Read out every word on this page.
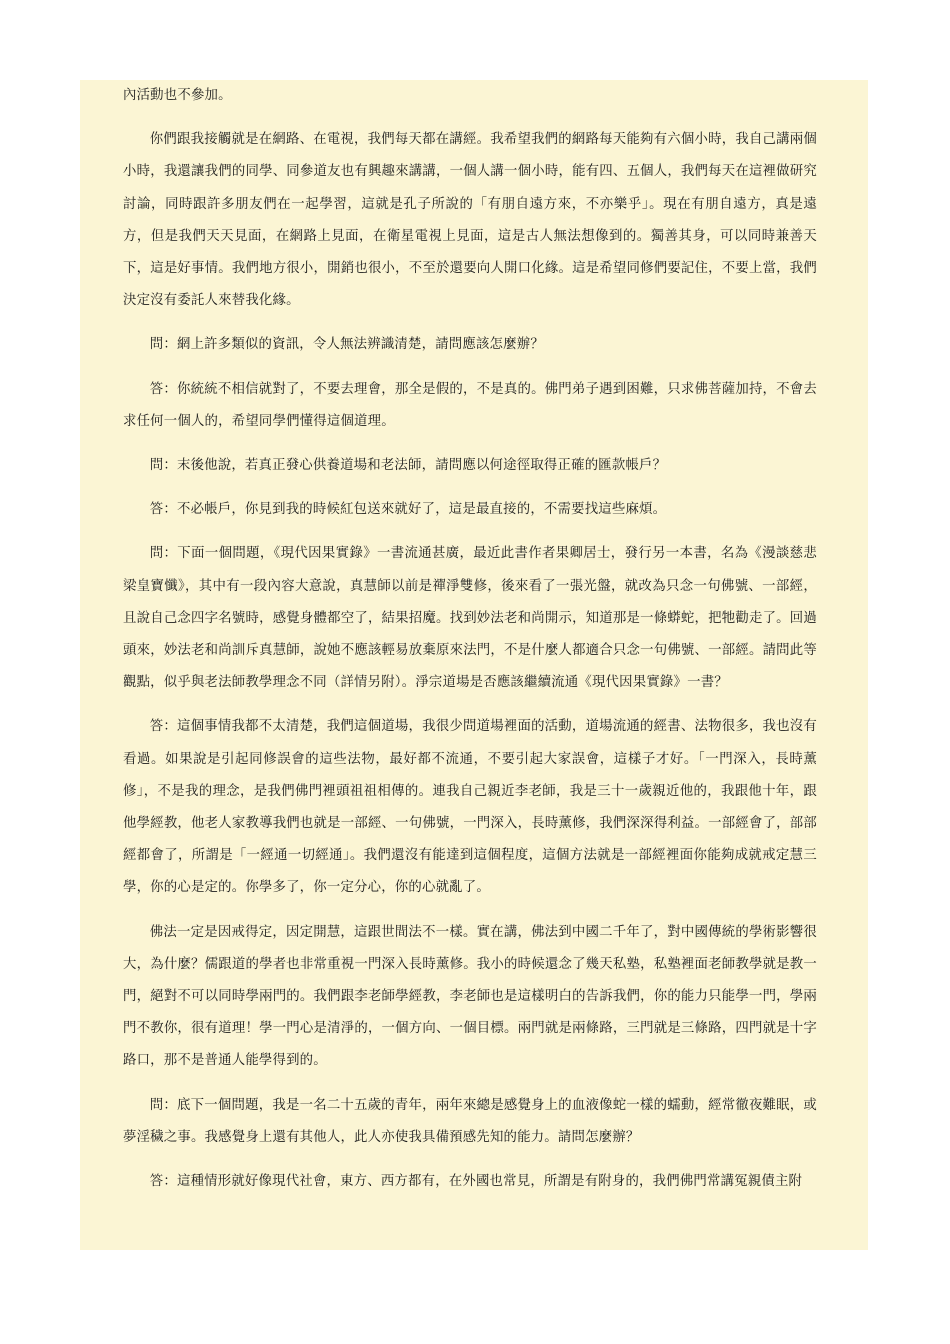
內活動也不參加。

你們跟我接觸就是在網路、在電視，我們每天都在講經。我希望我們的網路每天能夠有六個小時，我自己講兩個小時，我還讓我們的同學、同參道友也有興趣來講講，一個人講一個小時，能有四、五個人，我們每天在這裡做研究討論，同時跟許多朋友們在一起學習，這就是孔子所說的「有朋自遠方來，不亦樂乎」。現在有朋自遠方，真是遠方，但是我們天天見面，在網路上見面，在衛星電視上見面，這是古人無法想像到的。獨善其身，可以同時兼善天下，這是好事情。我們地方很小，開銷也很小，不至於還要向人開口化緣。這是希望同修們要記住，不要上當，我們決定沒有委託人來替我化緣。

問：網上許多類似的資訊，令人無法辨識清楚，請問應該怎麼辦？

答：你統統不相信就對了，不要去理會，那全是假的，不是真的。佛門弟子遇到困難，只求佛菩薩加持，不會去求任何一個人的，希望同學們懂得這個道理。

問：末後他說，若真正發心供養道場和老法師，請問應以何途徑取得正確的匯款帳戶？

答：不必帳戶，你見到我的時候紅包送來就好了，這是最直接的，不需要找這些麻煩。

問：下面一個問題，《現代因果實錄》一書流通甚廣，最近此書作者果卿居士，發行另一本書，名為《漫談慈悲梁皇寶懺》，其中有一段內容大意說，真慧師以前是禪淨雙修，後來看了一張光盤，就改為只念一句佛號、一部經，且說自己念四字名號時，感覺身體都空了，結果招魔。找到妙法老和尚開示，知道那是一條蟒蛇，把牠勸走了。回過頭來，妙法老和尚訓斥真慧師，說她不應該輕易放棄原來法門，不是什麼人都適合只念一句佛號、一部經。請問此等觀點，似乎與老法師教學理念不同（詳情另附）。淨宗道場是否應該繼續流通《現代因果實錄》一書？

答：這個事情我都不太清楚，我們這個道場，我很少問道場裡面的活動，道場流通的經書、法物很多，我也沒有看過。如果說是引起同修誤會的這些法物，最好都不流通，不要引起大家誤會，這樣子才好。「一門深入，長時薰修」，不是我的理念，是我們佛門裡頭祖祖相傳的。連我自己親近李老師，我是三十一歲親近他的，我跟他十年，跟他學經教，他老人家教導我們也就是一部經、一句佛號，一門深入，長時薰修，我們深深得利益。一部經會了，部部經都會了，所謂是「一經通一切經通」。我們還沒有能達到這個程度，這個方法就是一部經裡面你能夠成就戒定慧三學，你的心是定的。你學多了，你一定分心，你的心就亂了。

佛法一定是因戒得定，因定開慧，這跟世間法不一樣。實在講，佛法到中國二千年了，對中國傳統的學術影響很大，為什麼？儒跟道的學者也非常重視一門深入長時薰修。我小的時候還念了幾天私塾，私塾裡面老師教學就是教一門，絕對不可以同時學兩門的。我們跟李老師學經教，李老師也是這樣明白的告訴我們，你的能力只能學一門，學兩門不教你，很有道理！學一門心是清淨的，一個方向、一個目標。兩門就是兩條路，三門就是三條路，四門就是十字路口，那不是普通人能學得到的。

問：底下一個問題，我是一名二十五歲的青年，兩年來總是感覺身上的血液像蛇一樣的蠕動，經常徹夜難眠，或夢淫穢之事。我感覺身上還有其他人，此人亦使我具備預感先知的能力。請問怎麼辦？

答：這種情形就好像現代社會，東方、西方都有，在外國也常見，所謂是有附身的，我們佛門常講冤親債主附
